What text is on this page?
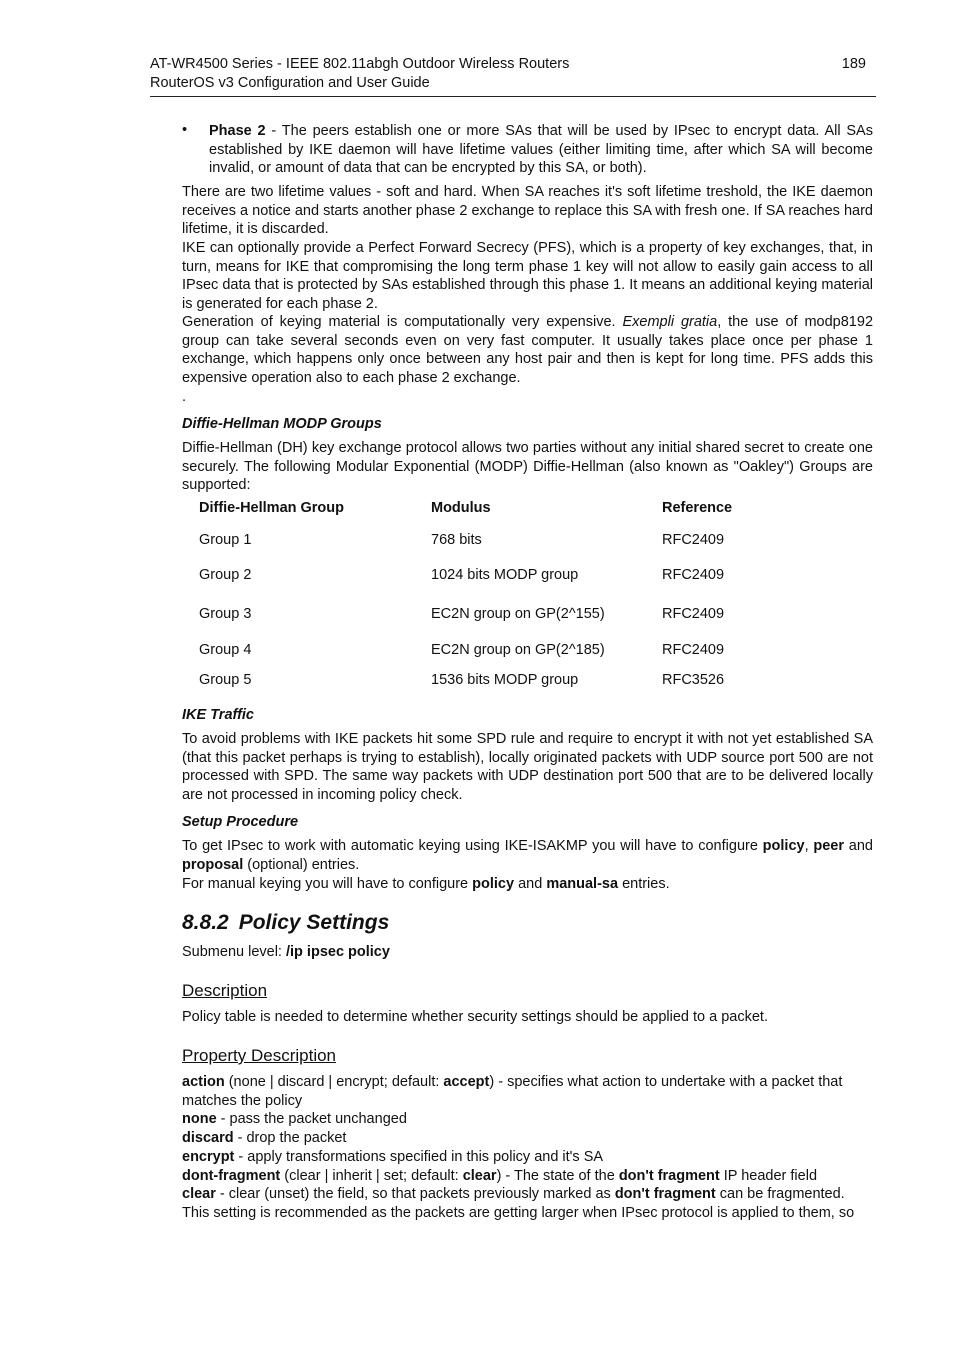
AT-WR4500 Series - IEEE 802.11abgh Outdoor Wireless Routers
RouterOS v3 Configuration and User Guide
189
• Phase 2 - The peers establish one or more SAs that will be used by IPsec to encrypt data. All SAs established by IKE daemon will have lifetime values (either limiting time, after which SA will become invalid, or amount of data that can be encrypted by this SA, or both).
There are two lifetime values - soft and hard. When SA reaches it's soft lifetime treshold, the IKE daemon receives a notice and starts another phase 2 exchange to replace this SA with fresh one. If SA reaches hard lifetime, it is discarded.
IKE can optionally provide a Perfect Forward Secrecy (PFS), which is a property of key exchanges, that, in turn, means for IKE that compromising the long term phase 1 key will not allow to easily gain access to all IPsec data that is protected by SAs established through this phase 1. It means an additional keying material is generated for each phase 2.
Generation of keying material is computationally very expensive. Exempli gratia, the use of modp8192 group can take several seconds even on very fast computer. It usually takes place once per phase 1 exchange, which happens only once between any host pair and then is kept for long time. PFS adds this expensive operation also to each phase 2 exchange.
.
Diffie-Hellman MODP Groups
Diffie-Hellman (DH) key exchange protocol allows two parties without any initial shared secret to create one securely. The following Modular Exponential (MODP) Diffie-Hellman (also known as "Oakley") Groups are supported:
Diffie-Hellman Group	Modulus	Reference
Group 1	768 bits	RFC2409
Group 2	1024 bits MODP group	RFC2409
Group 3	EC2N group on GP(2^155)	RFC2409
Group 4	EC2N group on GP(2^185)	RFC2409
Group 5	1536 bits MODP group	RFC3526
IKE Traffic
To avoid problems with IKE packets hit some SPD rule and require to encrypt it with not yet established SA (that this packet perhaps is trying to establish), locally originated packets with UDP source port 500 are not processed with SPD. The same way packets with UDP destination port 500 that are to be delivered locally are not processed in incoming policy check.
Setup Procedure
To get IPsec to work with automatic keying using IKE-ISAKMP you will have to configure policy, peer and proposal (optional) entries.
For manual keying you will have to configure policy and manual-sa entries.
8.8.2 Policy Settings
Submenu level: /ip ipsec policy
Description
Policy table is needed to determine whether security settings should be applied to a packet.
Property Description
action (none | discard | encrypt; default: accept) - specifies what action to undertake with a packet that
matches the policy
none - pass the packet unchanged
discard - drop the packet
encrypt - apply transformations specified in this policy and it's SA
dont-fragment (clear | inherit | set; default: clear) - The state of the don't fragment IP header field
clear - clear (unset) the field, so that packets previously marked as don't fragment can be fragmented.
This setting is recommended as the packets are getting larger when IPsec protocol is applied to them, so
